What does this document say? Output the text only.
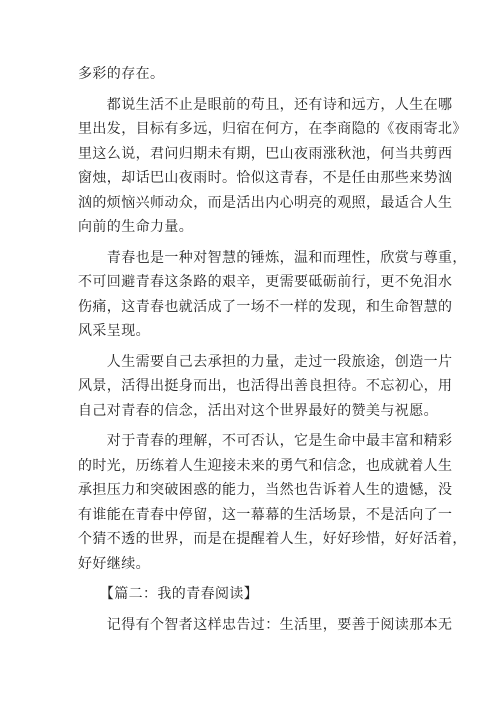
多彩的存在。
　　都说生活不止是眼前的苟且，还有诗和远方，人生在哪
里出发，目标有多远，归宿在何方，在李商隐的《夜雨寄北》
里这么说，君问归期未有期，巴山夜雨涨秋池，何当共剪西
窗烛，却话巴山夜雨时。恰似这青春，不是任由那些来势汹
汹的烦恼兴师动众，而是活出内心明亮的观照，最适合人生
向前的生命力量。
　　青春也是一种对智慧的锤炼，温和而理性，欣赏与尊重，
不可回避青春这条路的艰辛，更需要砥砺前行，更不免泪水
伤痛，这青春也就活成了一场不一样的发现，和生命智慧的
风采呈现。
　　人生需要自己去承担的力量，走过一段旅途，创造一片
风景，活得出挺身而出，也活得出善良担待。不忘初心，用
自己对青春的信念，活出对这个世界最好的赞美与祝愿。
　　对于青春的理解，不可否认，它是生命中最丰富和精彩
的时光，历练着人生迎接未来的勇气和信念，也成就着人生
承担压力和突破困惑的能力，当然也告诉着人生的遗憾，没
有谁能在青春中停留，这一幕幕的生活场景，不是活向了一
个猜不透的世界，而是在提醒着人生，好好珍惜，好好活着，
好好继续。
　　【篇二：我的青春阅读】
　　记得有个智者这样忠告过：生活里，要善于阅读那本无
